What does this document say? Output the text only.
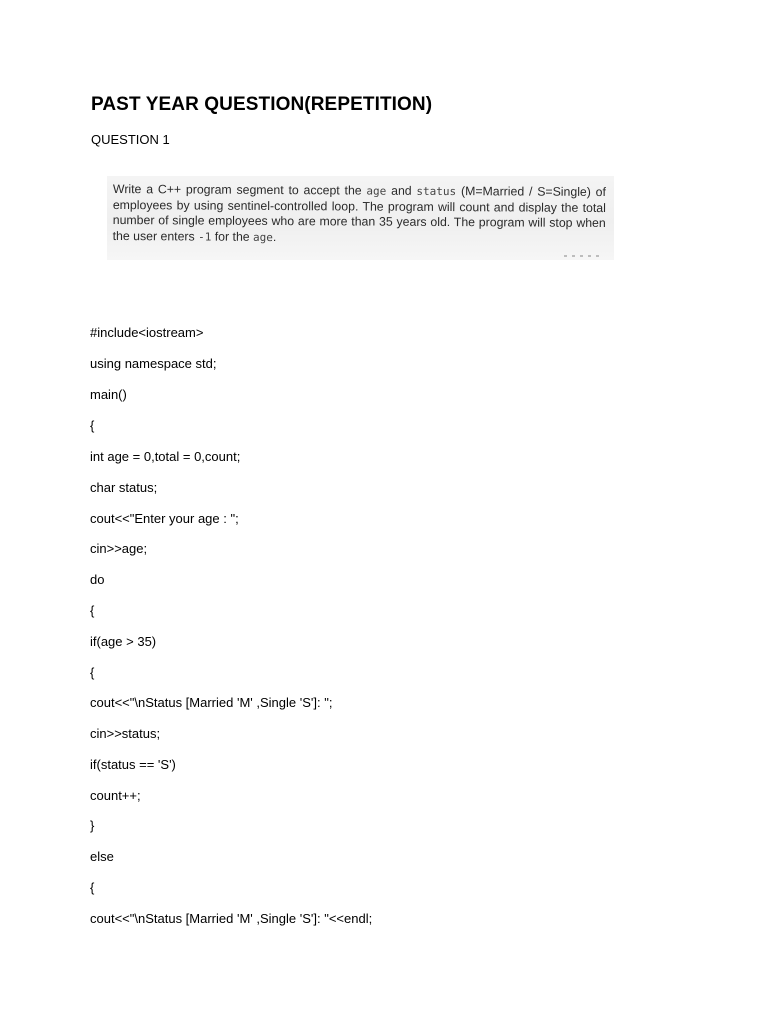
PAST YEAR QUESTION(REPETITION)
QUESTION 1

Write a C++ program segment to accept the age and status (M=Married / S=Single) of employees by using sentinel-controlled loop. The program will count and display the total number of single employees who are more than 35 years old. The program will stop when the user enters -1 for the age.

#include<iostream>
using namespace std;
main()
{
int age = 0,total = 0,count;
char status;
cout<<"Enter your age : ";
cin>>age;
do
{
if(age > 35)
{
cout<<"\nStatus [Married 'M' ,Single 'S']: ";
cin>>status;
if(status == 'S')
count++;
}
else
{
cout<<"\nStatus [Married 'M' ,Single 'S']: "<<endl;
